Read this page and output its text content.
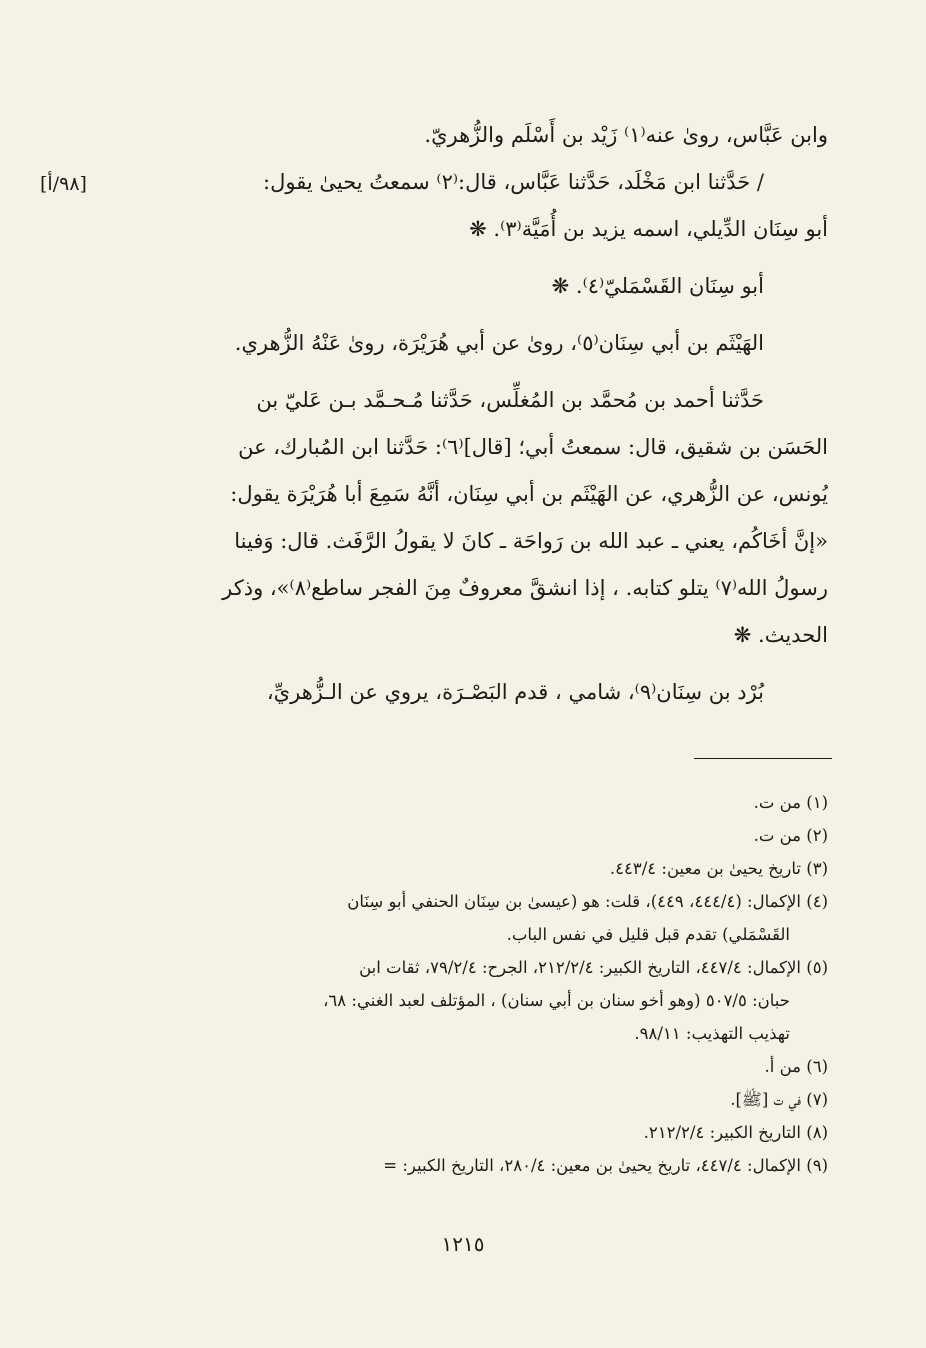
[٩٨/أ]
وابن عَبَّاس، روىٰ عنه⁽١⁾ زَيْد بن أَسْلَم والزُّهريّ.
/ حَدَّثنا ابن مَخْلَد، حَدَّثنا عَبَّاس، قال:⁽٢⁾ سمعتُ يحيىٰ يقول:
أبو سِنَان الدِّيلي، اسمه يزيد بن أُمَيَّة⁽٣⁾. ❋
أبو سِنَان القَسْمَليّ⁽٤⁾. ❋
الهَيْثَم بن أبي سِنَان⁽٥⁾، روىٰ عن أبي هُرَيْرَة، روىٰ عَنْهُ الزُّهري.
حَدَّثنا أحمد بن مُحمَّد بن المُغلِّس، حَدَّثنا مُـحـمَّد بـن عَليّ بن
الحَسَن بن شقيق، قال: سمعتُ أبي؛ [قال]⁽٦⁾: حَدَّثنا ابن المُبارك، عن
يُونس، عن الزُّهري، عن الهَيْثَم بن أبي سِنَان، أنَّهُ سَمِعَ أبا هُرَيْرَة يقول:
«إنَّ أخَاكُم، يعني ـ عبد الله بن رَواحَة ـ كانَ لا يقولُ الرَّفَث. قال: وَفينا
رسولُ الله⁽٧⁾ يتلو كتابه. ، إذا انشقَّ معروفٌ مِنَ الفجر ساطع⁽٨⁾»، وذكر
الحديث. ❋
بُرْد بن سِنَان⁽٩⁾، شامي ، قدم البَصْـرَة، يروي عن الـزُّهريِّ،
(١) من ت.
(٢) من ت.
(٣) تاريخ يحيىٰ بن معين: ٤٤٣/٤.
(٤) الإكمال: (٤٤٤/٤، ٤٤٩)، قلت: هو (عيسىٰ بن سِنَان الحنفي أبو سِنَان
القَسْمَلي) تقدم قبل قليل في نفس الباب.
(٥) الإكمال: ٤٤٧/٤، التاريخ الكبير: ٢١٢/٢/٤، الجرح: ٧٩/٢/٤، ثقات ابن
حبان: ٥٠٧/٥ (وهو أخو سنان بن أبي سنان) ، المؤتلف لعبد الغني: ٦٨،
تهذيب التهذيب: ٩٨/١١.
(٦) من أ.
(٧) في ت [ﷺ].
(٨) التاريخ الكبير: ٢١٢/٢/٤.
(٩) الإكمال: ٤٤٧/٤، تاريخ يحيىٰ بن معين: ٢٨٠/٤، التاريخ الكبير: =
١٢١٥
